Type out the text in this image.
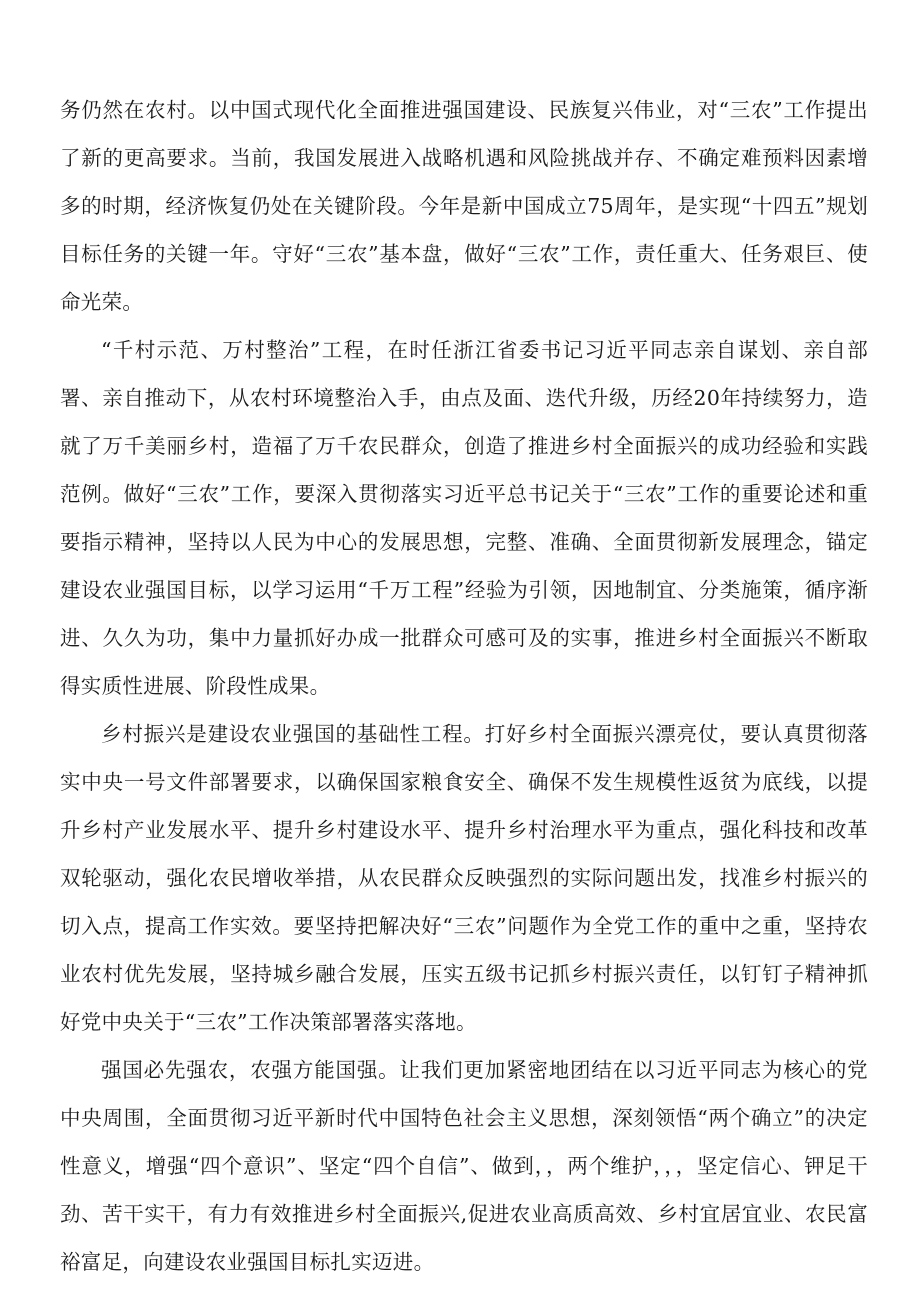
务仍然在农村。以中国式现代化全面推进强国建设、民族复兴伟业，对“三农”工作提出了新的更高要求。当前，我国发展进入战略机遇和风险挑战并存、不确定难预料因素增多的时期，经济恢复仍处在关键阶段。今年是新中国成立75周年，是实现“十四五”规划目标任务的关键一年。守好“三农”基本盘，做好“三农”工作，责任重大、任务艰巨、使命光荣。

“千村示范、万村整治”工程，在时任浙江省委书记习近平同志亲自谋划、亲自部署、亲自推动下，从农村环境整治入手，由点及面、迭代升级，历经20年持续努力，造就了万千美丽乡村，造福了万千农民群众，创造了推进乡村全面振兴的成功经验和实践范例。做好“三农”工作，要深入贯彻落实习近平总书记关于“三农”工作的重要论述和重要指示精神，坚持以人民为中心的发展思想，完整、准确、全面贯彻新发展理念，锚定建设农业强国目标，以学习运用“千万工程”经验为引领，因地制宜、分类施策，循序渐进、久久为功，集中力量抓好办成一批群众可感可及的实事，推进乡村全面振兴不断取得实质性进展、阶段性成果。

乡村振兴是建设农业强国的基础性工程。打好乡村全面振兴漂亮仗，要认真贯彻落实中央一号文件部署要求，以确保国家粮食安全、确保不发生规模性返贫为底线，以提升乡村产业发展水平、提升乡村建设水平、提升乡村治理水平为重点，强化科技和改革双轮驱动，强化农民增收举措，从农民群众反映强烈的实际问题出发，找准乡村振兴的切入点，提高工作实效。要坚持把解决好“三农”问题作为全党工作的重中之重，坚持农业农村优先发展，坚持城乡融合发展，压实五级书记抓乡村振兴责任，以钉钉子精神抓好党中央关于“三农”工作决策部署落实落地。

强国必先强农，农强方能国强。让我们更加紧密地团结在以习近平同志为核心的党中央周围，全面贯彻习近平新时代中国特色社会主义思想，深刻领悟“两个确立”的决定性意义，增强“四个意识”、坚定“四个自信”、做到，，两个维护，，，坚定信心、钾足干劲、苦干实干，有力有效推进乡村全面振兴,促进农业高质高效、乡村宜居宜业、农民富裕富足，向建设农业强国目标扎实迈进。
